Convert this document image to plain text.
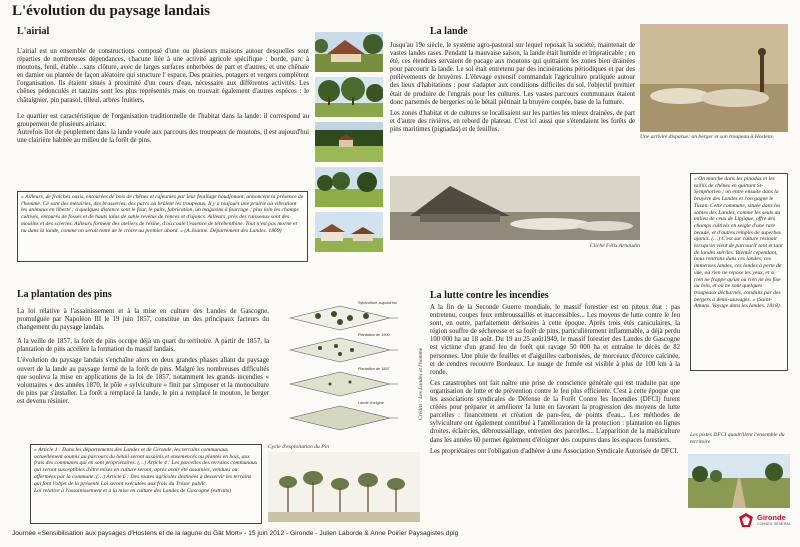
L'évolution du paysage landais
L'airial

L'airial est un ensemble de constructions composé d'une ou plusieurs maisons autour desquelles sont réparties de nombreuses dépendances, chacune liée à une activité agricole spécifique : borde, parc à moutons, fenil, étable…sans clôture, avec de larges surfaces enherbées de part et d'autres, et une chênaie en damier ou plantée de façon aléatoire qui structure l' espace. Des prairies, potagers et vergers complètent l'organisation. Ils étaient situés à proximité d'un cours d'eau, nécessaire aux différentes activités. Les chênes pédonculés et tauzins sont les plus représentés mais on trouvait également d'autres espèces : le châtaignier, pin parasol, tilleul, arbres fruitiers,

Le quartier est caractéristique de l'organisation traditionnelle de l'habitat dans la lande: il correspond au groupement de plusieurs airiaux.

Autrefois îlot de peuplement dans la lande vouée aux parcours des troupeaux de moutons, il est aujourd'hui une clairière habitée au milieu de la forêt de pins.

« Ailleurs, de fraîches oasis, entourées de bois de chênes et rajeunies par leur feuillage boudjonant, annoncent la présence de l'homme. Ce sont des métairies, des brasseries, des parcs où brûlent les troupeaux. Il y a toujours une prairie où vibrationt les animaux en liberté ; à quelques distance sont le four, le puits, fabrication, un magasins à fourrage ; plus loin les champs cultivés, entourés de fossés et de hauts talus de sable revêtus de ronces et d'ajoncs. Ailleurs, près des ruisseaux sont des moulins et des scieries. Ailleurs forment des ateliers de résine, d'où coule l'essence de térébenthine. Tout n'est pas morne et nu dans la lande, comme on serait tenté de le croire au premier abord. » (A.Joanne. Département des Landes. 1869)
La lande

Jusqu'au 19e siècle, le système agro-pastoral sur lequel reposait la société, maintenait de vastes landes rases. Pendant la mauvaise saison, la lande était humide et impraticable ; en été, ces étendues servaient de pacage aux moutons qui quittaient les zones bien drainées pour parcourir la lande. Le sol était entretenu par des incinérations périodiques et par des prélèvements de bruyères. L'élevage extensif commandait l'agriculture pratiquée autour des lieux d'habitations : pour s'adapter aux conditions difficiles du sol, l'objectif premier était de produire de l'engrais pour les cultures. Les vastes parcours communaux étaient donc parsemés de bergeries où le bétail piétinait la bruyère coupée, base de la fumure.

Les zones d'habitat et de cultures se localisaient sur les parties les mieux drainées, de part et d'autre des rivières, en rebord de plateau. C'est ici aussi que s'étendaient les forêts de pins maritimes (pignadas) et de feuillus.

Une activité disparue: un berger et son troupeau à Hostens.
Cliché Félix Arnaudin
« On marche dans les pinadas et les taillis de chênes en quittant St-Symphorien ; on entre ensuite dans la bruyère des Landes et l'on gagne le Tuzan. Cette commune, située dans les sables des Landes, comme les seuls au milieu de ceux de Lipjique, offre des champs cultivés en seigle d'une rare beauté, et d'autres remplis de superbes ajoncs. (…) C'est sur culture résinait lorsqu'on vient de parcourir tant et tant de landes stériles. Bientôt cependant, nous rentrons dans ces landes, ces immenses landes, ces landes à perte de vue, où rien ne repose les yeux, et si rien ne frappe qu'un où rien ne les fixe au loin, et où ne sont quelques troupeaux décharnés, conduits par des bergers à demi-sauvages. » (Saint-Amans. Voyage dans les landes. 1818).
La plantation des pins

La loi relative à l'assainissement et à la mise en culture des Landes de Gascogne, promulguée par Napoléon III le 19 juin 1857, constitue un des principaux facteurs du changement du paysage landais.

A la veille de 1857, la forêt de pins occupe déjà un quart du territoire. A partir de 1857, la plantation de pins accélère la formation du massif landais.

L'évolution du paysage landais s'enchaîne alors en deux grandes phases allant du paysage ouvert de la lande au paysage fermé de la forêt de pins. Malgré les nombreuses difficultés que souleva la mise en applications de la loi de 1857, notamment les grands incendies « volontaires » des années 1870, le pôle « sylviculture » finit par s'imposer et la monoculture du pins par s'installer. La forêt a remplacé la lande, le pin a remplacé le mouton, le berger est devenu résinier.

Sylviculture aujourd'hui
Plantation de 1900
Plantation de 1857
Lande d'origine	Crédits : Les Landes et l'homme
Cycle d'exploitation du Pin
« Article 1 : Dans les départements des Landes et de Gironde, les terrains communaux actuellement soumis au parcours du bétail seront assainis et ensemencés ou plantés en bois, aux frais des communes qui en sont propriétaires. (…) Article 4 : Les parcelles des terrains communaux qui seront susceptibles d'être mises en culture seront, après avoir été assainies, vendues ou affermées par la commune. (…) Article 6 : Des routes agricoles destinées à desservir les terrains qui font l'objet de la présente Loi seront exécutées aux frais du Trésor public.
Loi relative à l'assainissement et à la mise en culture des Landes de Gascogne (extraits)
La lutte contre les incendies

A la fin de la Seconde Guerre mondiale, le massif forestier est en piteux état : pas entretenu, coupes feux embroussaillés et inaccessibles... Les moyens de lutte contre le feu sont, en outre, parfaitement dérisoires à cette époque. Après trois étés caniculaires, la région souffre de sécheresse et sa forêt de pins, particulièrement inflammable, a déjà perdu 100 000 ha au 18 août. Du 19 au 25 août1949, le massif forestier des Landes de Gascogne est victime d'un grand feu de forêt qui ravage 50 000 ha et entraîne le décès de 82 personnes. Une pluie de feuilles et d'aiguilles carbonisées, de morceaux d'écorce calcinée, et de cendres recouvre Bordeaux. Le nuage de fumée est visible à plus de 100 km à la ronde.

Ces catastrophes ont fait naître une prise de conscience générale qui est traduite par une organisation de lutte et de prévention contre le feu plus efficiente. C'est à cette époque que les associations syndicales de Défense de la Forêt Contre les Incendies (DFCI) furent créées pour préparer et améliorer la lutte en favorant la progression des moyens de lutte parcelles : financement et création de pare-feu, de points d'eau... Les méthodes de sylviculture ont également contribué à l'amélioration de la protection : plantation en lignes droites, éclaircies, débroussaillage, entretien des parcelles... L'apparition de la maïsiculture dans les années 60 permet également d'éloigner des coupures dans les espaces forestiers.

Les propriétaires ont l'obligation d'adhérer à une Association Syndicale Autorisée de DFCI.

Les pistes DFCI quadrillent l'ensemble du territoire
Gironde
CONSEIL GÉNÉRAL
Journée «Sensibilisation aux paysages d'Hostens et de la lagune du Gât Mort» - 15 juin 2012 - Gironde - Julien Laborde & Anne Poirier Paysagistes dplg
